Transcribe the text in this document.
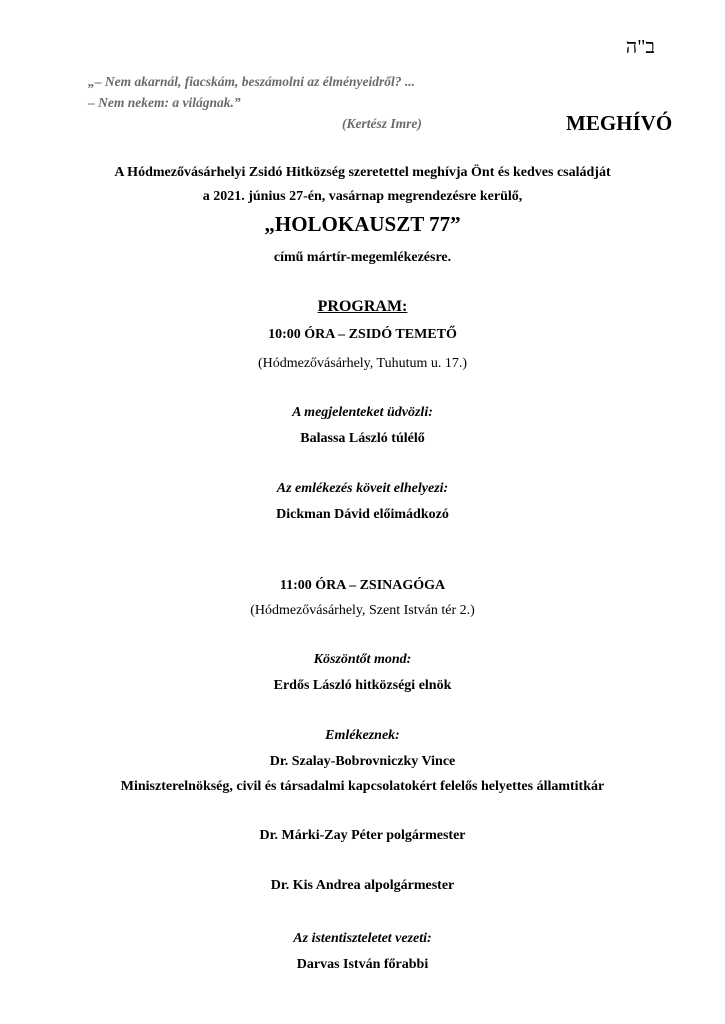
ב"ה
„– Nem akarnál, fiacskám, beszámolni az élményeidről? ...
– Nem nekem: a világnak.”
(Kertész Imre)	MEGHÍVÓ
A Hódmezővásárhelyi Zsidó Hitközség szeretettel meghívja Önt és kedves családját
a 2021. június 27-én, vasárnap megrendezésre kerülő,
„HOLOKAUSZT 77”
című mártír-megemlékezésre.
PROGRAM:
10:00 ÓRA – ZSIDÓ TEMETŐ
(Hódmezővásárhely, Tuhutum u. 17.)
A megjelenteket üdvözli:
Balassa László túlélő
Az emlékezés köveit elhelyezi:
Dickman Dávid előimádkozó
11:00 ÓRA – ZSINAGÓGA
(Hódmezővásárhely, Szent István tér 2.)
Köszöntőt mond:
Erdős László hitközségi elnök
Emlékeznek:
Dr. Szalay-Bobrovniczky Vince
Miniszterelnökség, civil és társadalmi kapcsolatokért felelős helyettes államtitkár
Dr. Márki-Zay Péter polgármester
Dr. Kis Andrea alpolgármester
Az istentiszteletet vezeti:
Darvas István főrabbi
